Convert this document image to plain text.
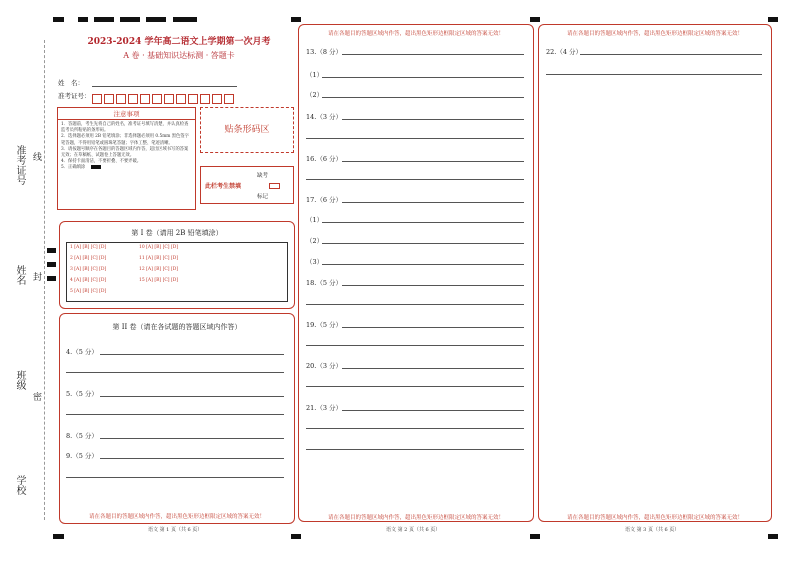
准考证号 线
姓名 封
班级
密
学校
2023-2024 学年高二语文上学期第一次月考
A 卷 · 基础知识达标测 · 答题卡
姓　名：
准考证号：
注意事项
1．答题前，考生先将自己的姓名，准考证号填写清楚，并认真检查监考员所粘贴的条形码。
2．选择题必须用 2B 铅笔填涂；非选择题必须用 0.5mm 黑色签字笔答题，不得用铅笔或圆珠笔答题；字体工整、笔迹清晰。
3．请按题号顺序在各题目的答题区域内作答，超出区域书写的答案无效；在草稿纸、试题卷上答题无效。
4．保持卡面清洁，不要折叠、不要弄破。
5．正确填涂
贴条形码区
此栏考生禁填
缺考
标记
第 I 卷（请用 2B 铅笔填涂）
1 [A] [B] [C] [D]
2 [A] [B] [C] [D]
3 [A] [B] [C] [D]
4 [A] [B] [C] [D]
5 [A] [B] [C] [D]
10 [A] [B] [C] [D]
11 [A] [B] [C] [D]
12 [A] [B] [C] [D]
15 [A] [B] [C] [D]
第 II 卷（请在各试题的答题区域内作答）
请在各题目的答题区域内作答，超出黑色矩形边框限定区域的答案无效！
4.（5 分）
5.（5 分）
8.（5 分）
9.（5 分）
语文 第 1 页（共 6 页）
请在各题目的答题区域内作答，超出黑色矩形边框限定区域的答案无效！
请在各题目的答题区域内作答，超出黑色矩形边框限定区域的答案无效！
13.（8 分）
（1）
（2）
14.（3 分）
16.（6 分）
17.（6 分）
（1）
（2）
（3）
18.（5 分）
19.（5 分）
20.（3 分）
21.（3 分）
语文 第 2 页（共 6 页）
请在各题目的答题区域内作答，超出黑色矩形边框限定区域的答案无效！
请在各题目的答题区域内作答，超出黑色矩形边框限定区域的答案无效！
22.（4 分）
语文 第 3 页（共 6 页）
